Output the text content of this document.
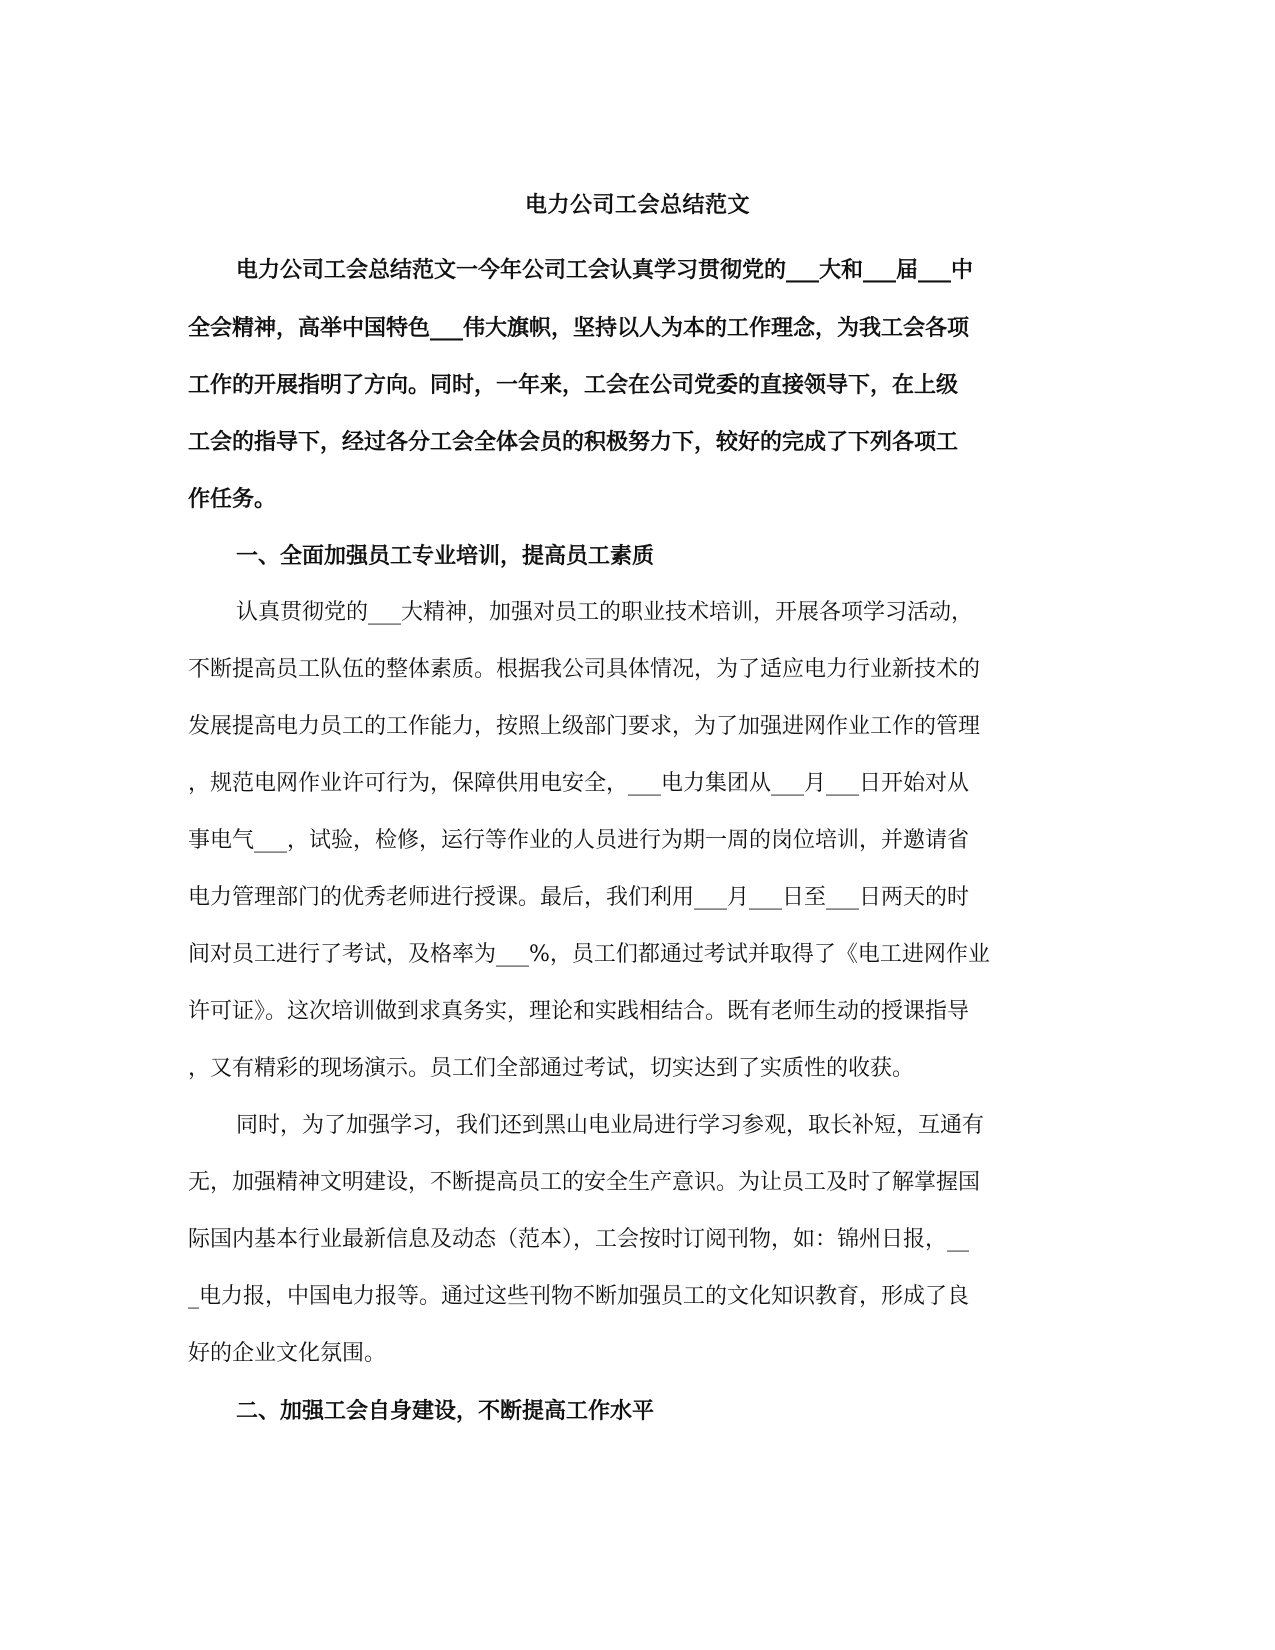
电力公司工会总结范文
电力公司工会总结范文一今年公司工会认真学习贯彻党的___大和___届___中
全会精神，高举中国特色___伟大旗帜，坚持以人为本的工作理念，为我工会各项
工作的开展指明了方向。同时，一年来，工会在公司党委的直接领导下，在上级
工会的指导下，经过各分工会全体会员的积极努力下，较好的完成了下列各项工
作任务。
一、全面加强员工专业培训，提高员工素质
认真贯彻党的___大精神，加强对员工的职业技术培训，开展各项学习活动，
不断提高员工队伍的整体素质。根据我公司具体情况，为了适应电力行业新技术的
发展提高电力员工的工作能力，按照上级部门要求，为了加强进网作业工作的管理
，规范电网作业许可行为，保障供用电安全，___电力集团从___月___日开始对从
事电气___，试验，检修，运行等作业的人员进行为期一周的岗位培训，并邀请省
电力管理部门的优秀老师进行授课。最后，我们利用___月___日至___日两天的时
间对员工进行了考试，及格率为___%，员工们都通过考试并取得了《电工进网作业
许可证》。这次培训做到求真务实，理论和实践相结合。既有老师生动的授课指导
，又有精彩的现场演示。员工们全部通过考试，切实达到了实质性的收获。
同时，为了加强学习，我们还到黑山电业局进行学习参观，取长补短，互通有
无，加强精神文明建设，不断提高员工的安全生产意识。为让员工及时了解掌握国
际国内基本行业最新信息及动态（范本），工会按时订阅刊物，如：锦州日报，__
_电力报，中国电力报等。通过这些刊物不断加强员工的文化知识教育，形成了良
好的企业文化氛围。
二、加强工会自身建设，不断提高工作水平
